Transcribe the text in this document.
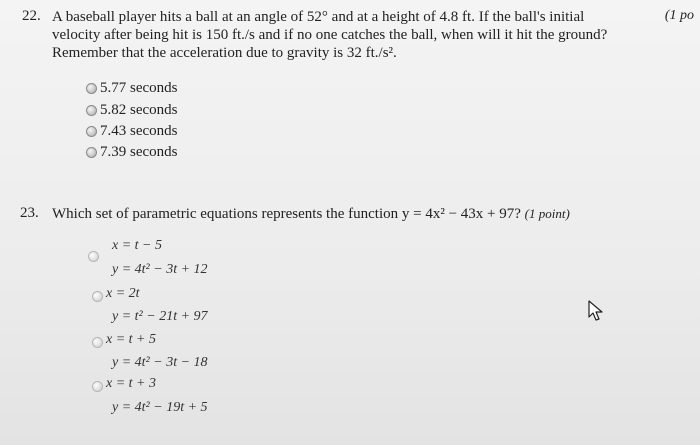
22. A baseball player hits a ball at an angle of 52° and at a height of 4.8 ft. If the ball's initial
velocity after being hit is 150 ft./s and if no one catches the ball, when will it hit the ground?
Remember that the acceleration due to gravity is 32 ft./s².
(1 po
5.77 seconds
5.82 seconds
7.43 seconds
7.39 seconds
23. Which set of parametric equations represents the function y = 4x² − 43x + 97? (1 point)
x = t − 5
y = 4t² − 3t + 12
x = 2t
y = t² − 21t + 97
x = t + 5
y = 4t² − 3t − 18
x = t + 3
y = 4t² − 19t + 5
